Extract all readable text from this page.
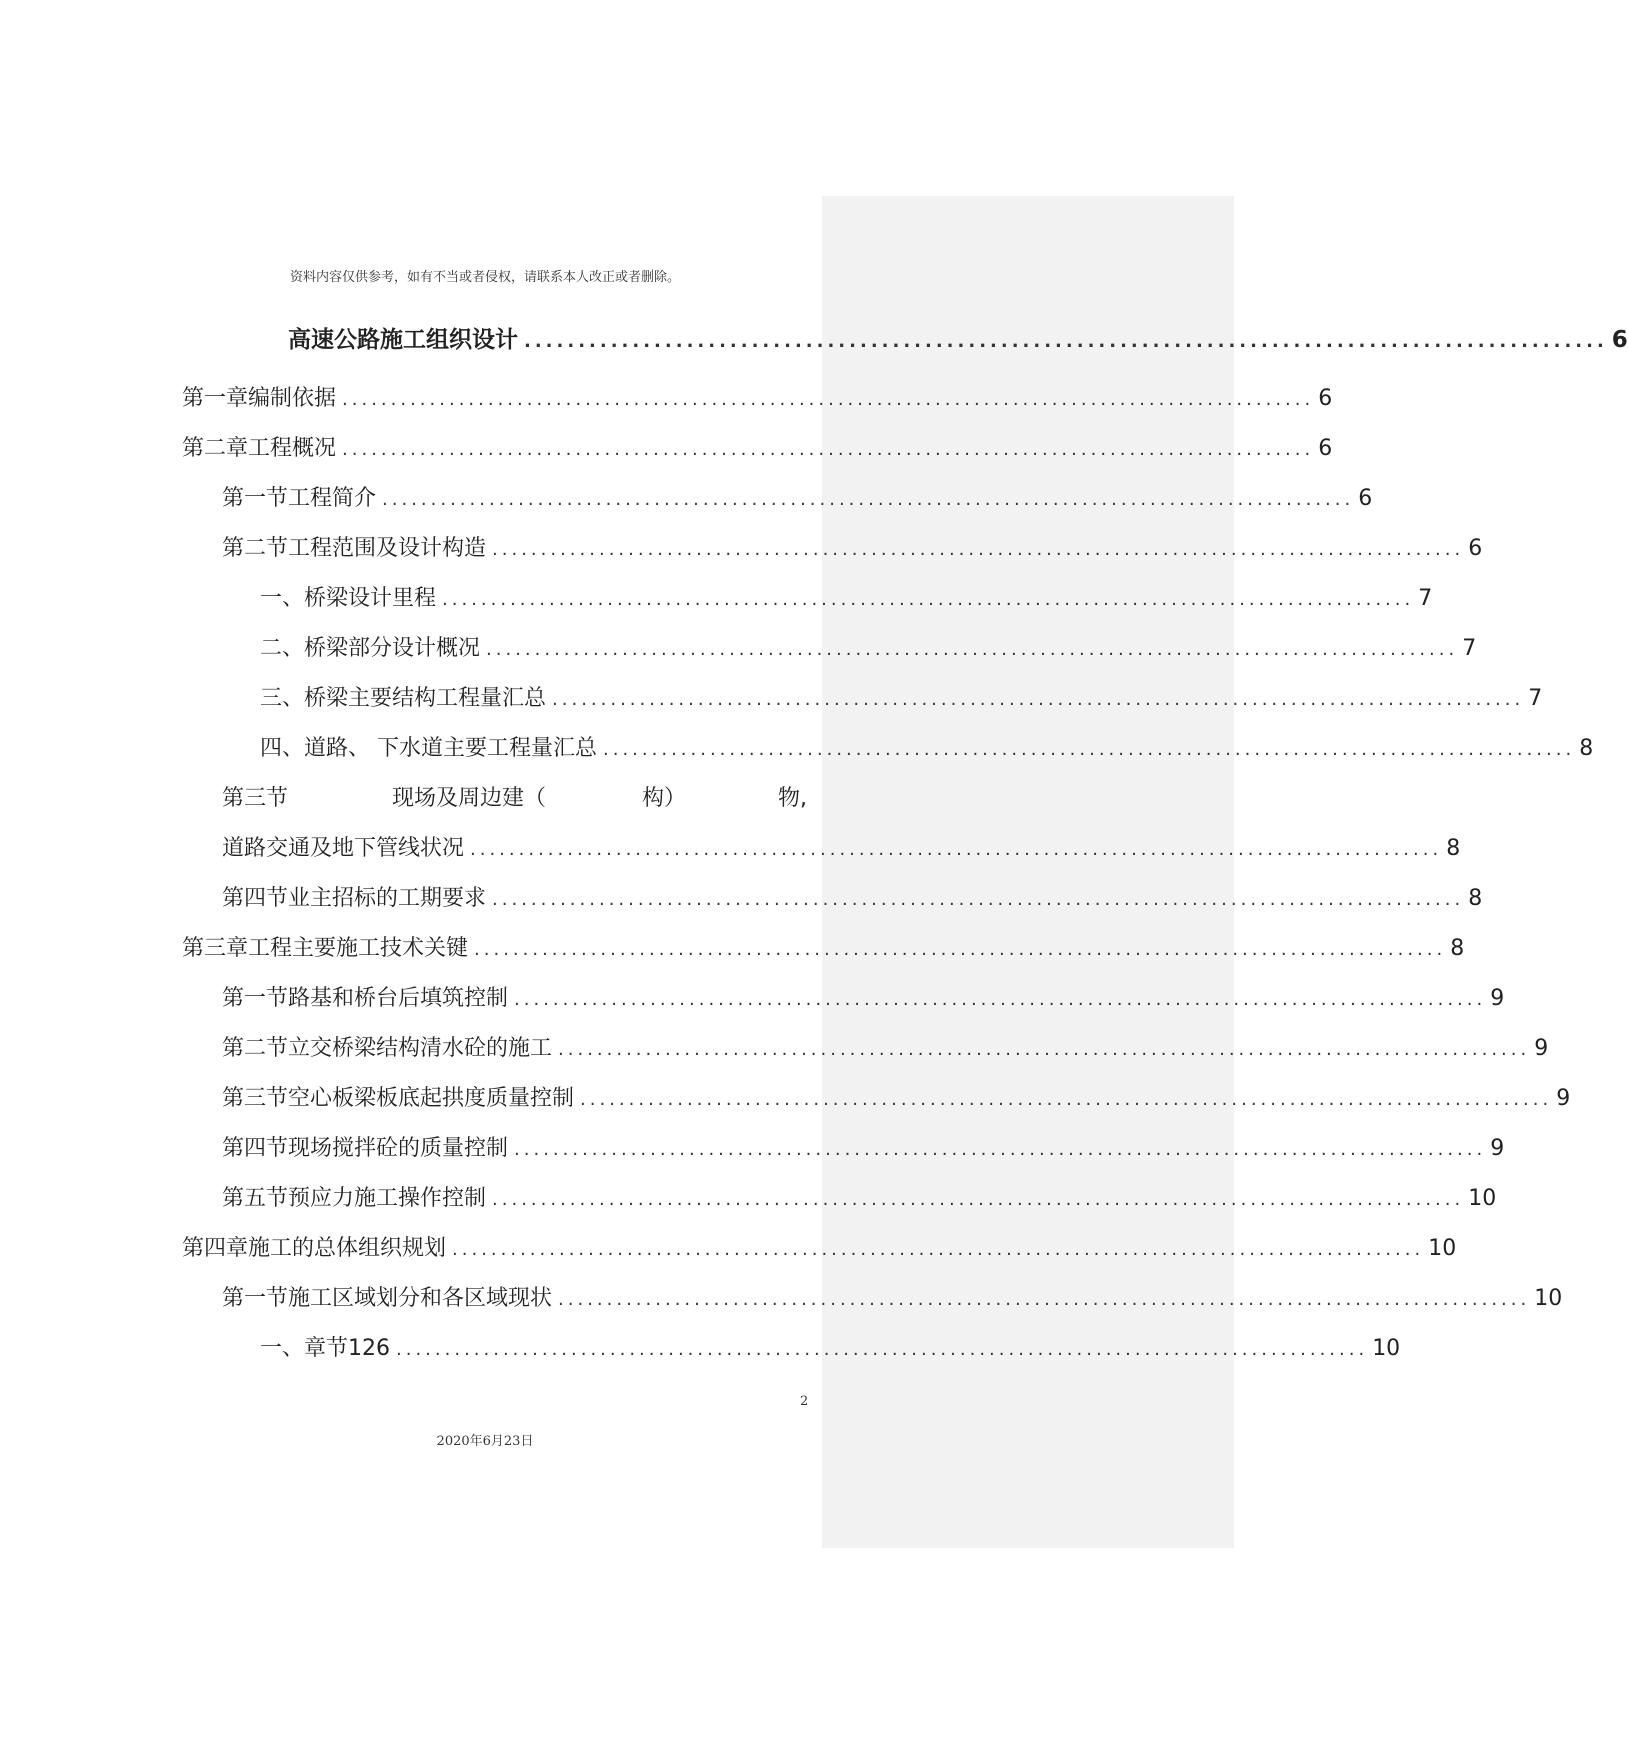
资料内容仅供参考，如有不当或者侵权，请联系本人改正或者删除。
高速公路施工组织设计 .................................................................................................... 6
第一章 编制依据 .................................................................................................... 6
第二章 工程概况 .................................................................................................... 6
第一节 工程简介 .................................................................................................... 6
第二节 工程范围及设计构造 .................................................................................................... 6
一、 桥梁设计里程 .................................................................................................... 7
二、 桥梁部分设计概况 .................................................................................................... 7
三、 桥梁主要结构工程量汇总 .................................................................................................... 7
四、 道路、 下水道主要工程量汇总 .................................................................................................... 8
第三节	现场及周边建（	构）	物,
道路交通及地下管线状况 .................................................................................................... 8
第四节 业主招标的工期要求 .................................................................................................... 8
第三章 工程主要施工技术关键 .................................................................................................... 8
第一节 路基和桥台后填筑控制 .................................................................................................... 9
第二节 立交桥梁结构清水砼的施工 .................................................................................................... 9
第三节 空心板梁板底起拱度质量控制 .................................................................................................... 9
第四节 现场搅拌砼的质量控制 .................................................................................................... 9
第五节 预应力施工操作控制 .................................................................................................... 10
第四章 施工的总体组织规划 .................................................................................................... 10
第一节 施工区域划分和各区域现状 .................................................................................................... 10
一、 章节126 .................................................................................................... 10
2
2020年6月23日
